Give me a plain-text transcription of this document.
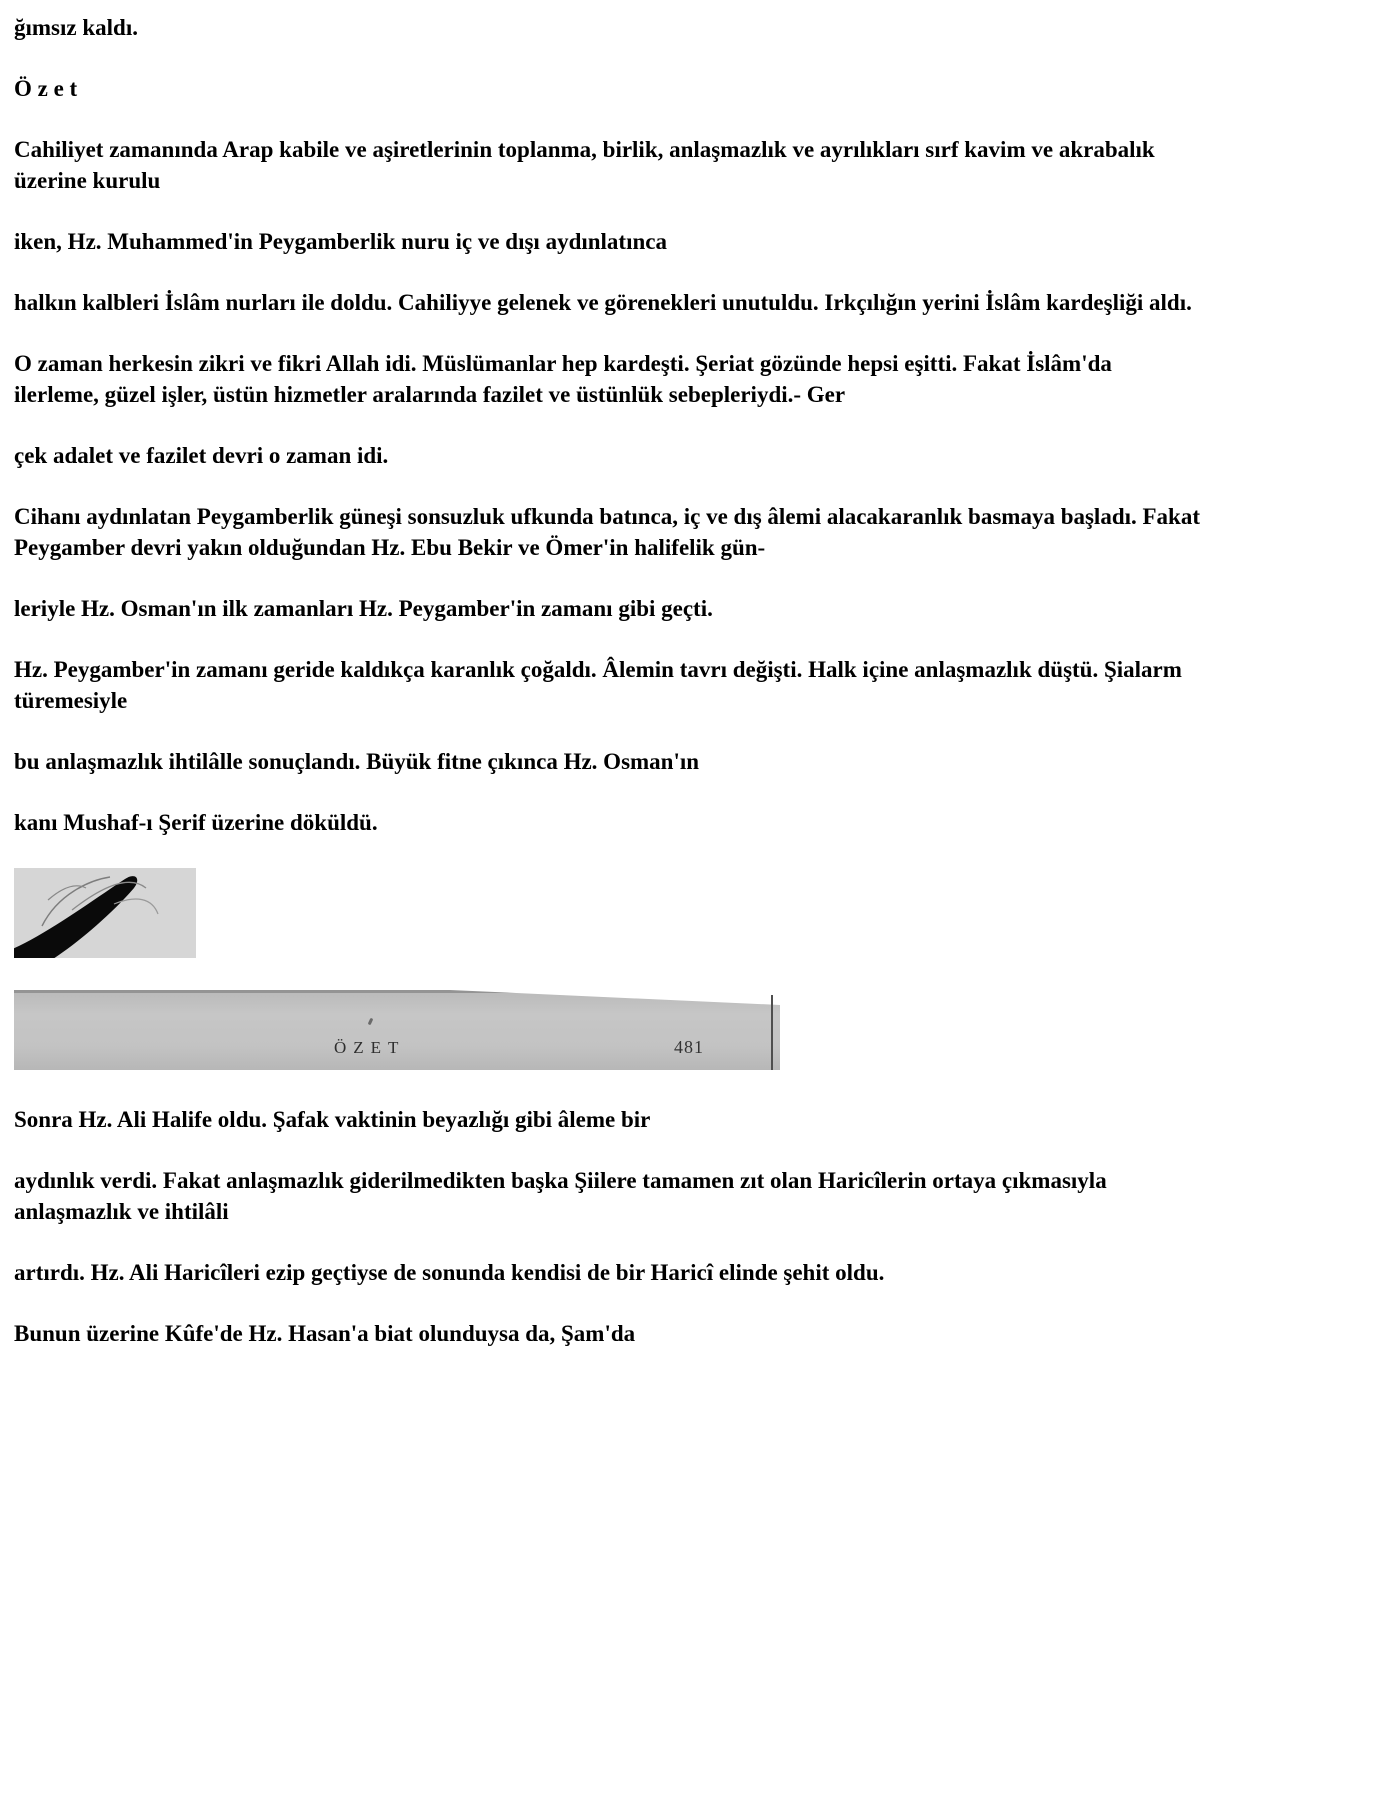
ğımsız kaldı.

Ö z e t

Cahiliyet zamanında Arap kabile ve aşiretlerinin toplanma, birlik, anlaşmazlık ve ayrılıkları sırf kavim ve akrabalık
üzerine kurulu

iken, Hz. Muhammed'in Peygamberlik nuru iç ve dışı aydınlatınca

halkın kalbleri İslâm nurları ile doldu. Cahiliyye gelenek ve görenekleri unutuldu. Irkçılığın yerini İslâm kardeşliği aldı.

O zaman herkesin zikri ve fikri Allah idi. Müslümanlar hep kardeşti. Şeriat gözünde hepsi eşitti. Fakat İslâm'da
ilerleme, güzel işler, üstün hizmetler aralarında fazilet ve üstünlük sebepleriydi.- Ger

çek adalet ve fazilet devri o zaman idi.

Cihanı aydınlatan Peygamberlik güneşi sonsuzluk ufkunda batınca, iç ve dış âlemi alacakaranlık basmaya başladı. Fakat
Peygamber devri yakın olduğundan Hz. Ebu Bekir ve Ömer'in halifelik gün-

leriyle Hz. Osman'ın ilk zamanları Hz. Peygamber'in zamanı gibi geçti.

Hz. Peygamber'in zamanı geride kaldıkça karanlık çoğaldı. Âlemin tavrı değişti. Halk içine anlaşmazlık düştü. Şialarm
türemesiyle

bu anlaşmazlık ihtilâlle sonuçlandı. Büyük fitne çıkınca Hz. Osman'ın

kanı Mushaf-ı Şerif üzerine döküldü.

ÖZET	481

Sonra Hz. Ali Halife oldu. Şafak vaktinin beyazlığı gibi âleme bir

aydınlık verdi. Fakat anlaşmazlık giderilmedikten başka Şiilere tamamen zıt olan Haricîlerin ortaya çıkmasıyla
anlaşmazlık ve ihtilâli

artırdı. Hz. Ali Haricîleri ezip geçtiyse de sonunda kendisi de bir Haricî elinde şehit oldu.

Bunun üzerine Kûfe'de Hz. Hasan'a biat olunduysa da, Şam'da
